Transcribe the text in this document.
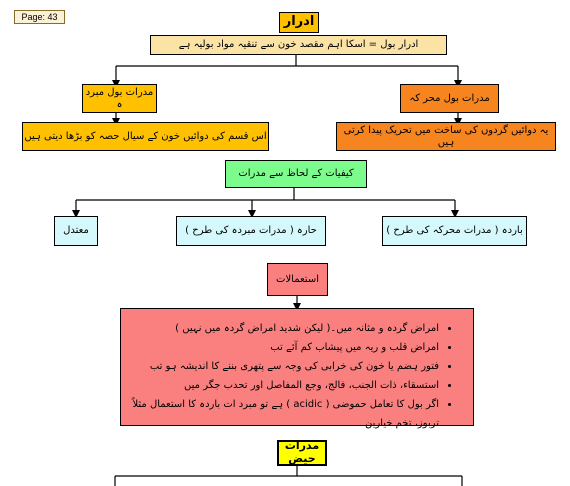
Page: 43	ادرار
ادرار بول = اسکا اہم مقصد خون سے تنقیہ مواد بولیہ ہے
مدرات بول مبرد ہ
مدرات بول محر کہ
اس قسم کی دوائیں خون کے سیال حصہ کو بڑھا دیتی ہیں
یہ دوائیں گردوں کی ساخت میں تحریک پیدا کرتی ہیں
کیفیات کے لحاظ سے مدرات
معتدل	حارہ ( مدرات مبردہ کی طرح )	باردہ ( مدرات محرکہ کی طرح )
استعمالات
• امراض گردہ و مثانہ میں۔( لیکن شدید امراض گردہ میں نہیں )
• امراض قلب و ریہ میں پیشاب کم آئے تب
• فتور ہضم یا خون کی خرابی کی وجہ سے پتھری بننے کا اندیشہ ہو تب
• استسقاء، ذات الجنب، فالج، وجع المفاصل اور تحدب جگر میں
• اگر بول کا تعامل حموضی ( acidic ) ہے تو مبرد ات باردہ کا استعمال مثلاً تربوز، تخم خیارین۔
مدرات حیض
